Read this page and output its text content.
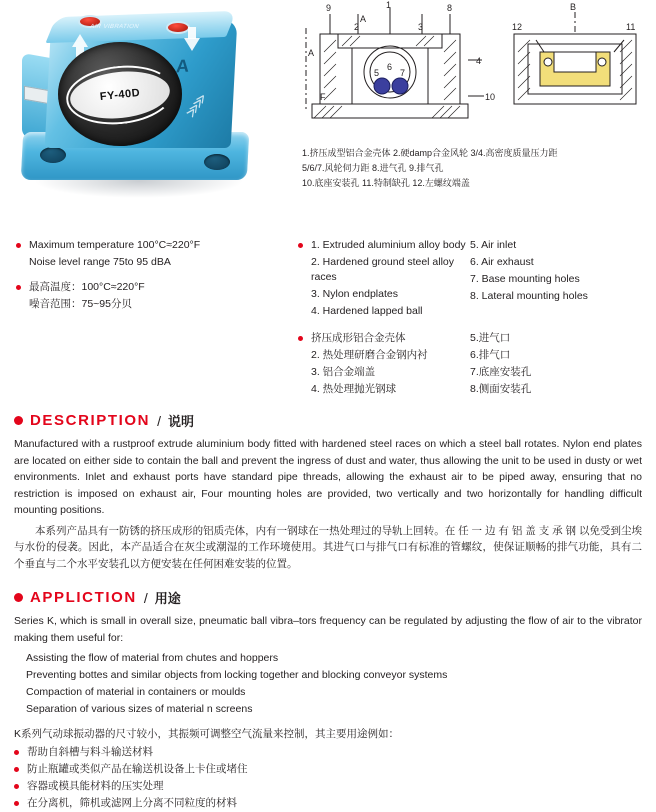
AIR VIBRATION
FY-40D
A
≫≫
9	1	8
2	3
A
5
6
7
4
10
F
A
B
12	11
1.挤压成型铝合金壳体 2.硬damp合金风轮 3/4.高密度质量压力距
5/6/7.风轮伺力距 8.进气孔 9.排气孔
10.底座安装孔 11.特制缺孔 12.左螺纹端盖
Maximum temperature 100°C≈220°F
Noise level range 75to 95 dBA
最高温度：100°C≈220°F
噪音范围：75~95分贝
1. Extruded aluminium alloy body
2. Hardened ground steel alloy races
3. Nylon endplates
4. Hardened lapped ball
5. Air inlet
6. Air exhaust
7. Base mounting holes
8. Lateral mounting holes
挤压成形铝合金壳体
2. 热处理研磨合金钢内衬
3. 铝合金端盖
4. 热处理抛光钢球
5.进气口
6.排气口
7.底座安装孔
8.侧面安装孔
DESCRIPTION / 说明

Manufactured with a rustproof extrude aluminium body fitted with hardened steel races on which a steel ball rotates. Nylon end plates are located on either side to contain the ball and prevent the ingress of dust and water, thus allowing the unit to be used in dusty or wet environments. Inlet and exhaust ports have standard pipe threads, allowing the exhaust air to be piped away, ensuring that no restriction is imposed on exhaust air, Four mounting holes are provided, two vertically and two horizontally for handling difficult mounting positions.

本系列产品具有一防锈的挤压成形的铝质壳体，内有一钢球在一热处理过的导轨上回转。在 任 一 边 有 铝 盖 支 承 钢 以免受到尘埃与水份的侵袭。因此，本产品适合在灰尘或潮湿的工作环境使用。其进气口与排气口有标准的管螺纹，使保证顺畅的排气功能，具有二个垂直与二个水平安装孔以方便安装在任何困难安装的位置。

APPLICTION / 用途

Series K, which is small in overall size, pneumatic ball vibra–tors frequency can be regulated by adjusting the flow of air to the vibrator making them useful for:

Assisting the flow of material from chutes and hoppers
Preventing bottes and similar objects from locking together and blocking conveyor systems
Compaction of material in containers or moulds
Separation of various sizes of material n screens

K系列气动球振动器的尺寸较小，其振频可调整空气流量来控制，其主要用途例如：

帮助自斜槽与料斗输送材料
防止瓶罐或类似产品在输送机设备上卡住或堵住
容器或模具能材料的压实处理
在分离机，筛机或滤网上分离不同粒度的材料
